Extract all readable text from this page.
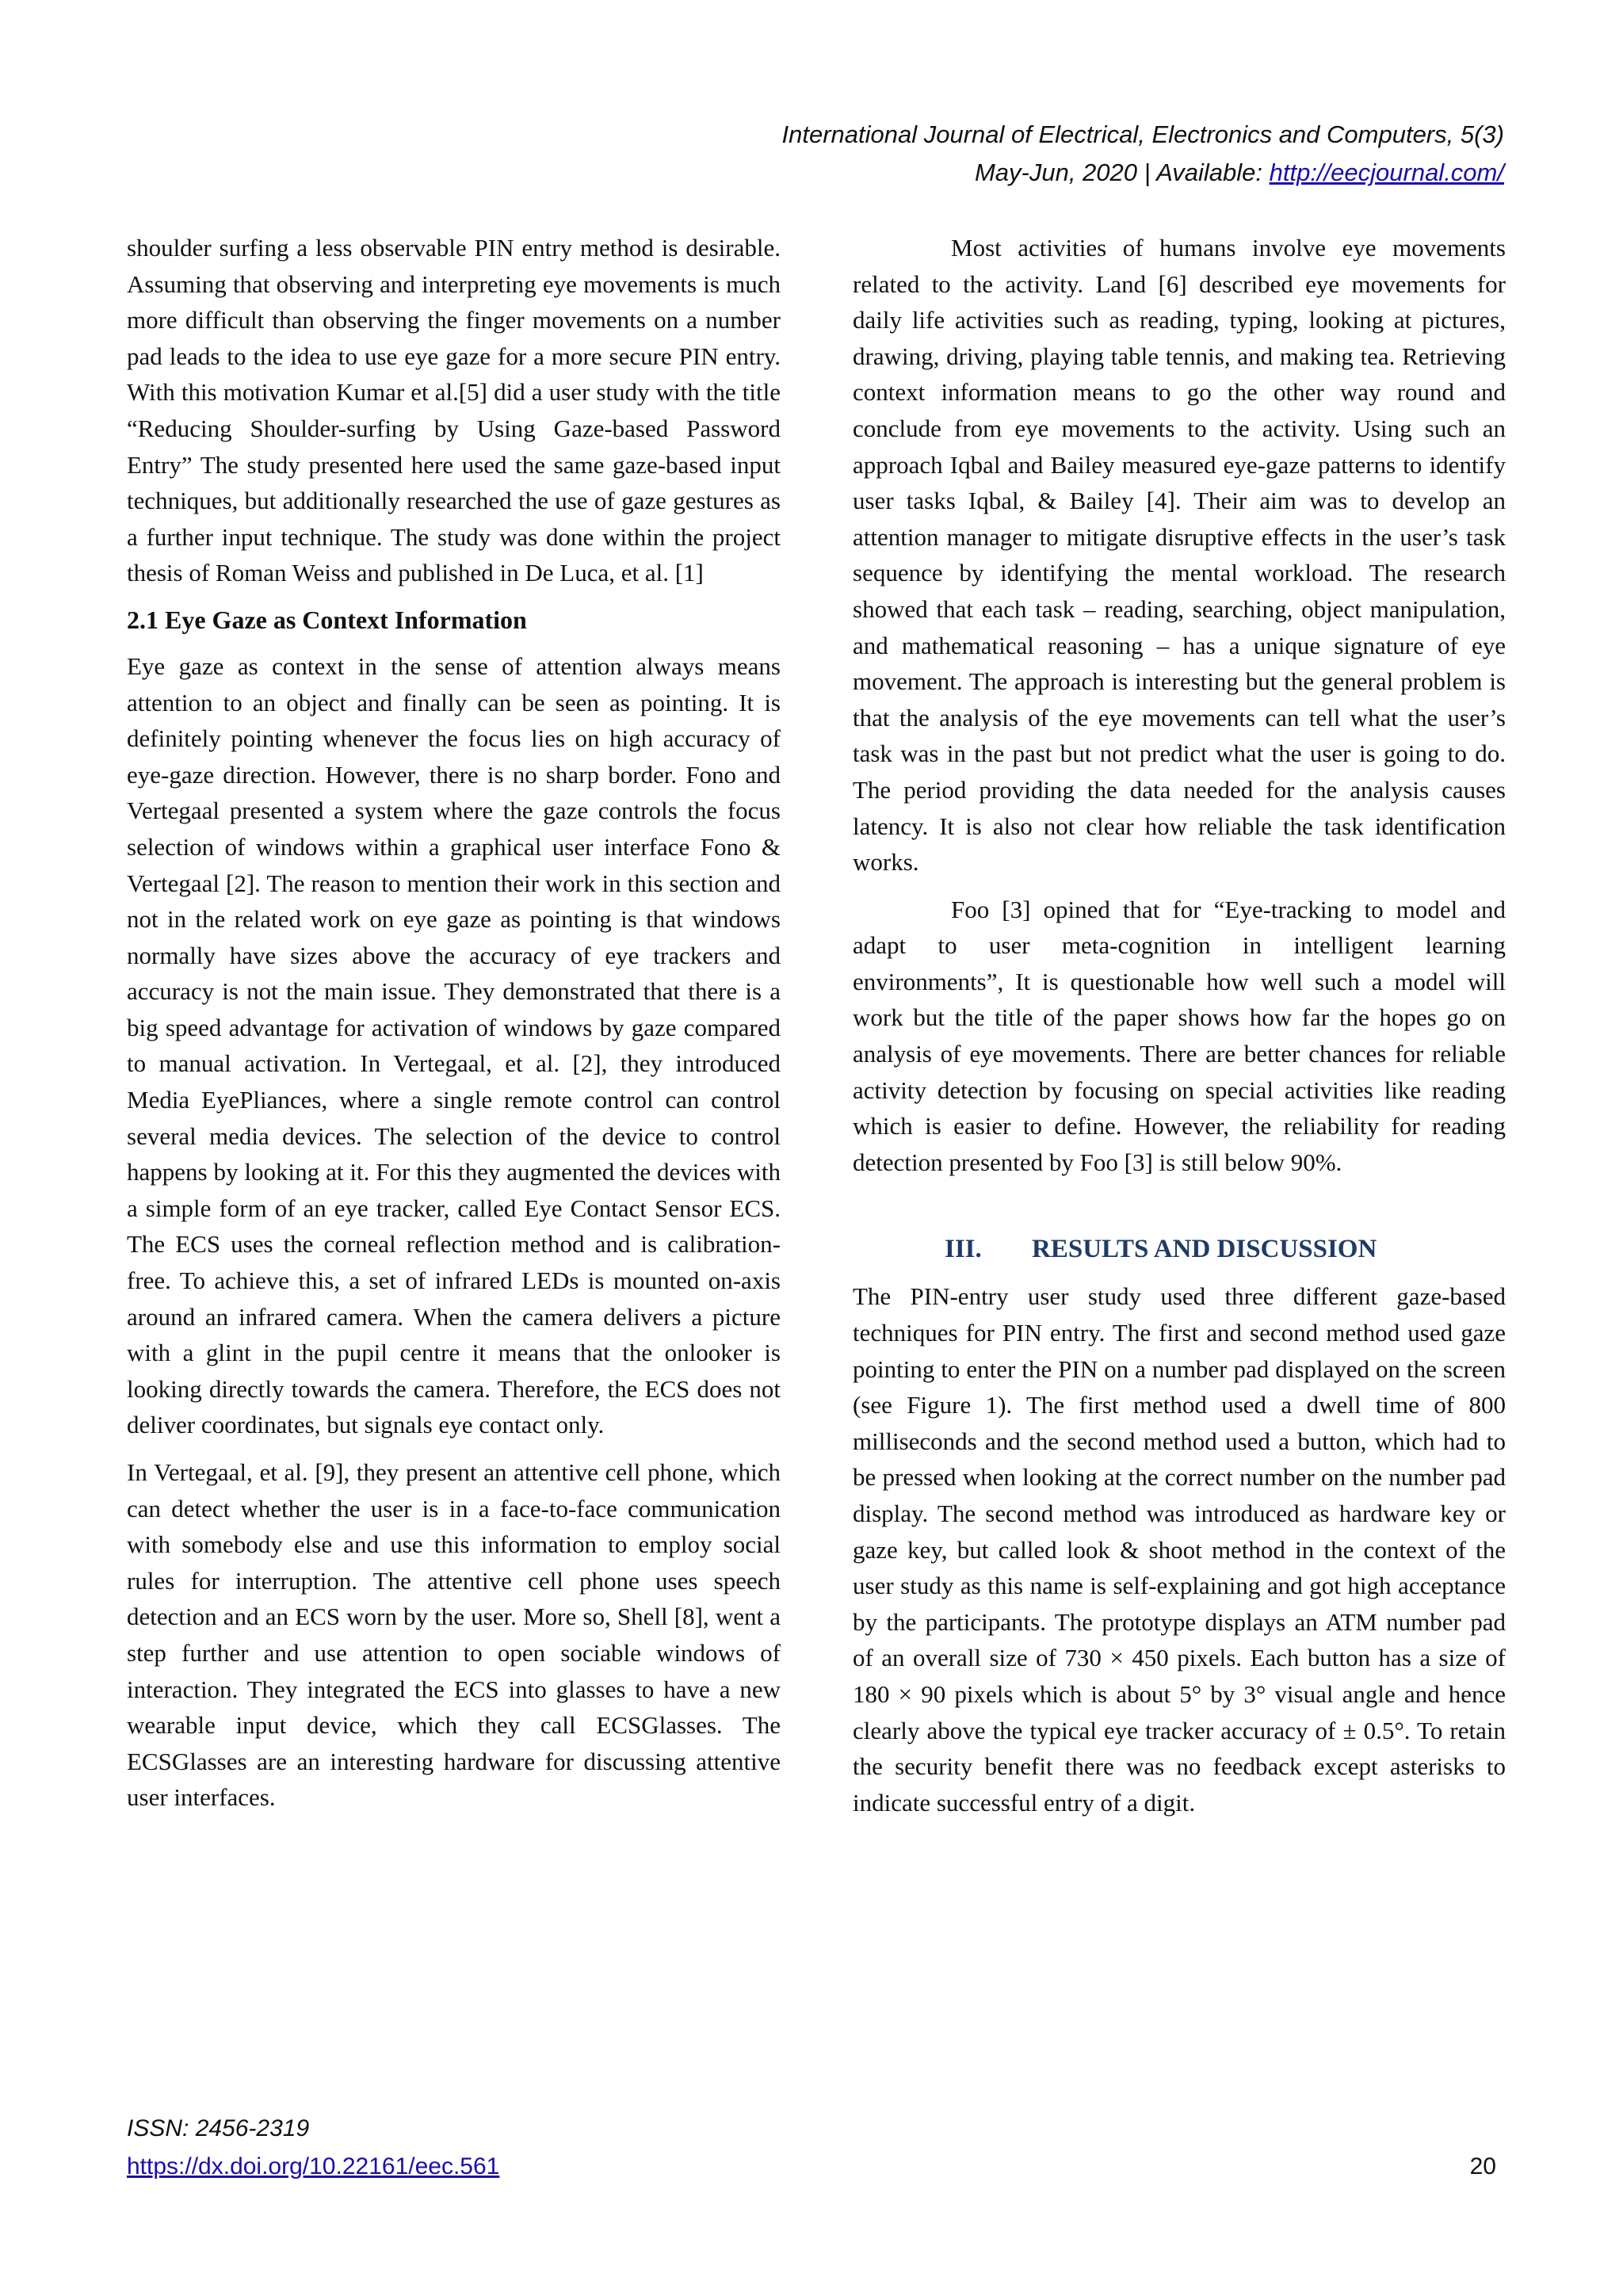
International Journal of Electrical, Electronics and Computers, 5(3)
May-Jun, 2020 | Available: http://eecjournal.com/

shoulder surfing a less observable PIN entry method is desirable. Assuming that observing and interpreting eye movements is much more difficult than observing the finger movements on a number pad leads to the idea to use eye gaze for a more secure PIN entry. With this motivation Kumar et al.[5] did a user study with the title “Reducing Shoulder-surfing by Using Gaze-based Password Entry” The study presented here used the same gaze-based input techniques, but additionally researched the use of gaze gestures as a further input technique. The study was done within the project thesis of Roman Weiss and published in De Luca, et al. [1]

2.1 Eye Gaze as Context Information

Eye gaze as context in the sense of attention always means attention to an object and finally can be seen as pointing. It is definitely pointing whenever the focus lies on high accuracy of eye-gaze direction. However, there is no sharp border. Fono and Vertegaal presented a system where the gaze controls the focus selection of windows within a graphical user interface Fono & Vertegaal [2]. The reason to mention their work in this section and not in the related work on eye gaze as pointing is that windows normally have sizes above the accuracy of eye trackers and accuracy is not the main issue. They demonstrated that there is a big speed advantage for activation of windows by gaze compared to manual activation. In Vertegaal, et al. [2], they introduced Media EyePliances, where a single remote control can control several media devices. The selection of the device to control happens by looking at it. For this they augmented the devices with a simple form of an eye tracker, called Eye Contact Sensor ECS. The ECS uses the corneal reflection method and is calibration-free. To achieve this, a set of infrared LEDs is mounted on-axis around an infrared camera. When the camera delivers a picture with a glint in the pupil centre it means that the onlooker is looking directly towards the camera. Therefore, the ECS does not deliver coordinates, but signals eye contact only.

In Vertegaal, et al. [9], they present an attentive cell phone, which can detect whether the user is in a face-to-face communication with somebody else and use this information to employ social rules for interruption. The attentive cell phone uses speech detection and an ECS worn by the user. More so, Shell [8], went a step further and use attention to open sociable windows of interaction. They integrated the ECS into glasses to have a new wearable input device, which they call ECSGlasses. The ECSGlasses are an interesting hardware for discussing attentive user interfaces.

Most activities of humans involve eye movements related to the activity. Land [6] described eye movements for daily life activities such as reading, typing, looking at pictures, drawing, driving, playing table tennis, and making tea. Retrieving context information means to go the other way round and conclude from eye movements to the activity. Using such an approach Iqbal and Bailey measured eye-gaze patterns to identify user tasks Iqbal, & Bailey [4]. Their aim was to develop an attention manager to mitigate disruptive effects in the user’s task sequence by identifying the mental workload. The research showed that each task – reading, searching, object manipulation, and mathematical reasoning – has a unique signature of eye movement. The approach is interesting but the general problem is that the analysis of the eye movements can tell what the user’s task was in the past but not predict what the user is going to do. The period providing the data needed for the analysis causes latency. It is also not clear how reliable the task identification works.

Foo [3] opined that for “Eye-tracking to model and adapt to user meta-cognition in intelligent learning environments”, It is questionable how well such a model will work but the title of the paper shows how far the hopes go on analysis of eye movements. There are better chances for reliable activity detection by focusing on special activities like reading which is easier to define. However, the reliability for reading detection presented by Foo [3] is still below 90%.

III. RESULTS AND DISCUSSION

The PIN-entry user study used three different gaze-based techniques for PIN entry. The first and second method used gaze pointing to enter the PIN on a number pad displayed on the screen (see Figure 1). The first method used a dwell time of 800 milliseconds and the second method used a button, which had to be pressed when looking at the correct number on the number pad display. The second method was introduced as hardware key or gaze key, but called look & shoot method in the context of the user study as this name is self-explaining and got high acceptance by the participants. The prototype displays an ATM number pad of an overall size of 730 × 450 pixels. Each button has a size of 180 × 90 pixels which is about 5° by 3° visual angle and hence clearly above the typical eye tracker accuracy of ± 0.5°. To retain the security benefit there was no feedback except asterisks to indicate successful entry of a digit.

ISSN: 2456-2319
https://dx.doi.org/10.22161/eec.561	20
